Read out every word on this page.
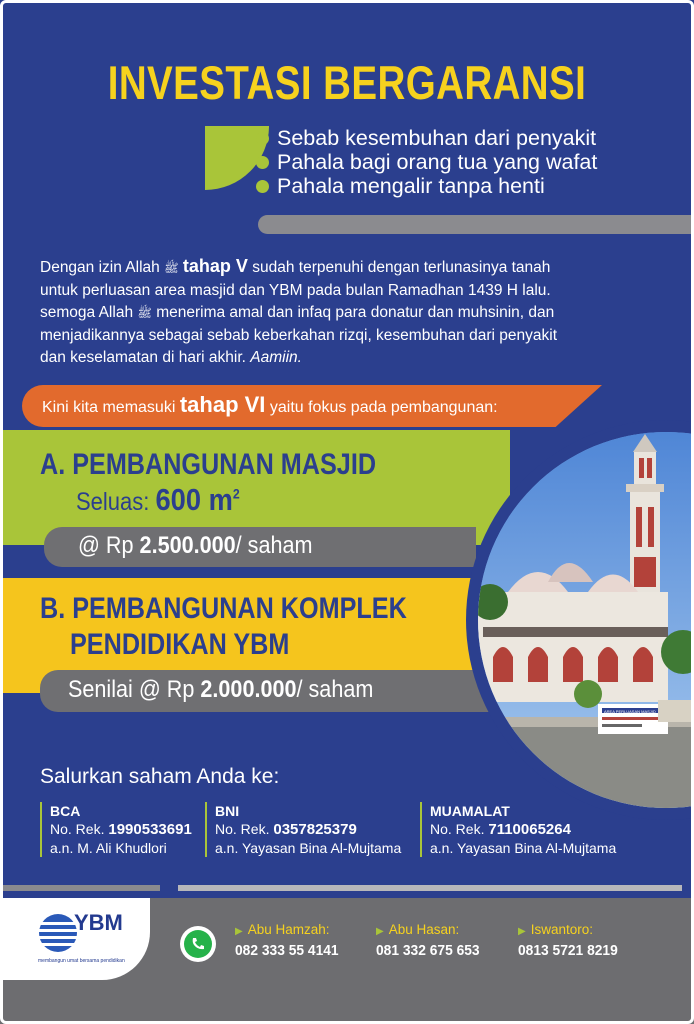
INVESTASI BERGARANSI
Sebab kesembuhan dari penyakit
Pahala bagi orang tua yang wafat
Pahala mengalir tanpa henti

Dengan izin Allah ﷺ tahap V sudah terpenuhi dengan terlunasinya tanah

untuk perluasan area masjid dan YBM pada bulan Ramadhan 1439 H lalu.

semoga Allah ﷺ menerima amal dan infaq para donatur dan muhsinin, dan

menjadikannya sebagai sebab keberkahan rizqi, kesembuhan dari penyakit

dan keselamatan di hari akhir. Aamiin.

Kini kita memasuki tahap VI yaitu fokus pada pembangunan:
A. PEMBANGUNAN MASJID
Seluas: 600 $m^2$
@ Rp 2.500.000/ saham
B. PEMBANGUNAN KOMPLEK
PENDIDIKAN YBM
Senilai @ Rp 2.000.000/ saham
AREA PERLUASAN MASJID
Salurkan saham Anda ke:
BCA
No. Rek. 1990533691
a.n. M. Ali Khudlori
BNI
No. Rek. 0357825379
a.n. Yayasan Bina Al-Mujtama
MUAMALAT
No. Rek. 7110065264
a.n. Yayasan Bina Al-Mujtama
YBM
membangun umat bersama pendidikan
▶ Abu Hamzah:
082 333 55 4141
▶ Abu Hasan:
081 332 675 653
▶ Iswantoro:
0813 5721 8219
